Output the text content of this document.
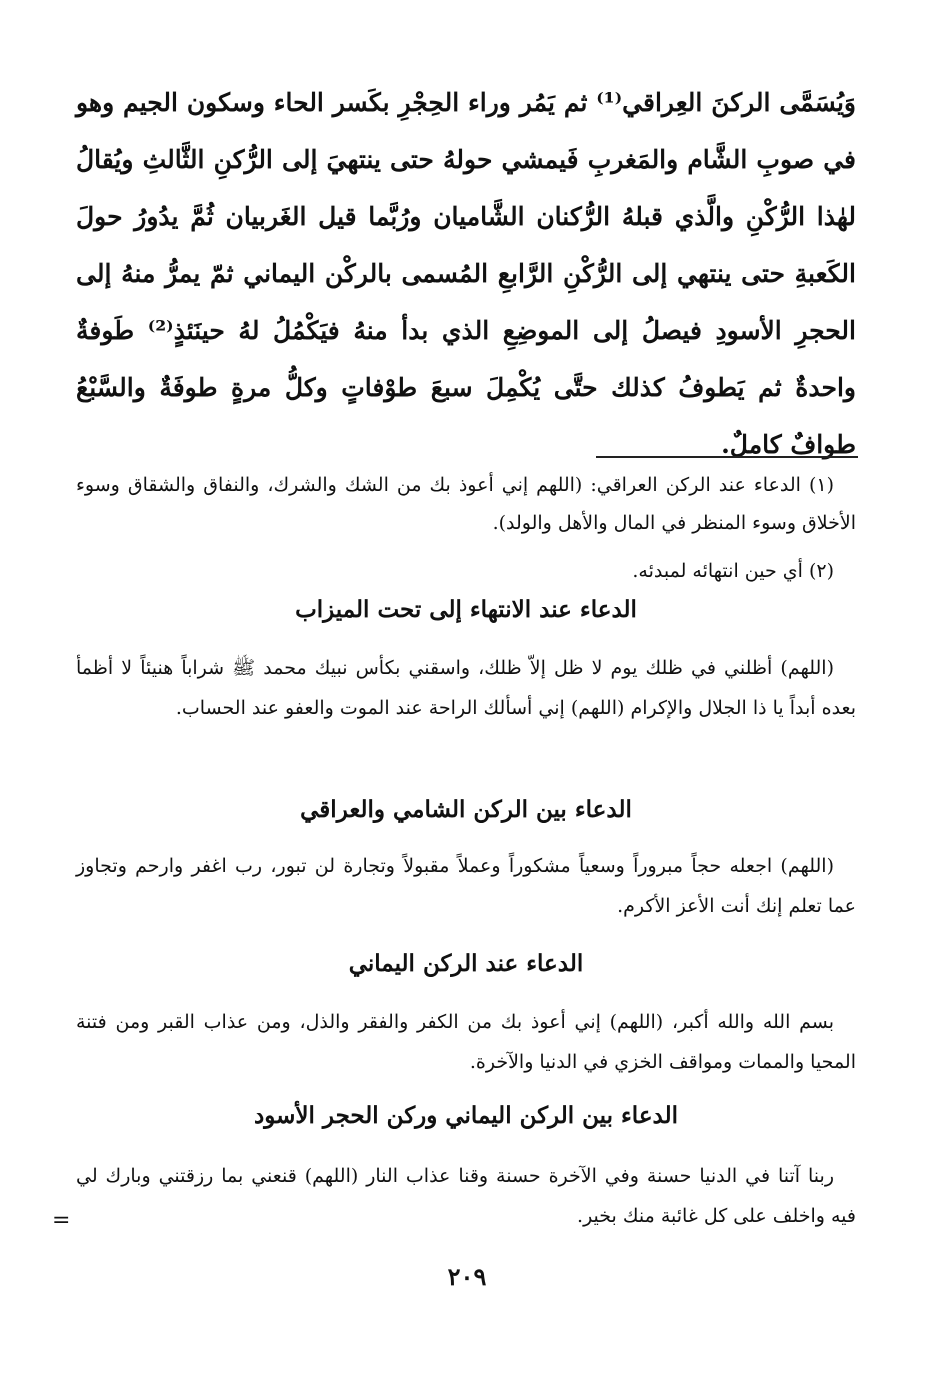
وَيُسَمَّى الركنَ العِراقي⁽¹⁾ ثم يَمُر وراء الحِجْرِ بكَسر الحاء وسكون الجيم وهو في صوبِ الشَّام والمَغربِ فَيمشي حولهُ حتى ينتهيَ إلى الرُّكنِ الثَّالثِ ويُقالُ لهٰذا الرُّكْنِ والَّذي قبلهُ الرُّكنان الشَّاميان ورُبَّما قيل الغَربيان ثُمَّ يدُورُ حولَ الكَعبةِ حتى ينتهي إلى الرُّكْنِ الرَّابعِ المُسمى بالركْن اليماني ثمّ يمرُّ منهُ إلى الحجرِ الأسودِ فيصلُ إلى الموضِعِ الذي بدأ منهُ فيَكْمُلُ لهُ حينَئذٍ⁽²⁾ طَوفةٌ واحدةٌ ثم يَطوفُ كذلك حتَّى يُكْمِلَ سبعَ طوْفاتٍ وكلُّ مرةٍ طوفَةٌ والسَّبْعُ طوافٌ كاملٌ.
(١) الدعاء عند الركن العراقي: (اللهم إني أعوذ بك من الشك والشرك، والنفاق والشقاق وسوء الأخلاق وسوء المنظر في المال والأهل والولد).
(٢) أي حين انتهائه لمبدئه.
الدعاء عند الانتهاء إلى تحت الميزاب
(اللهم) أظلني في ظلك يوم لا ظل إلاّ ظلك، واسقني بكأس نبيك محمد ﷺ شراباً هنيئاً لا أظمأ بعده أبداً يا ذا الجلال والإكرام (اللهم) إني أسألك الراحة عند الموت والعفو عند الحساب.
الدعاء بين الركن الشامي والعراقي
(اللهم) اجعله حجاً مبروراً وسعياً مشكوراً وعملاً مقبولاً وتجارة لن تبور، رب اغفر وارحم وتجاوز عما تعلم إنك أنت الأعز الأكرم.
الدعاء عند الركن اليماني
بسم الله والله أكبر، (اللهم) إني أعوذ بك من الكفر والفقر والذل، ومن عذاب القبر ومن فتنة المحيا والممات ومواقف الخزي في الدنيا والآخرة.
الدعاء بين الركن اليماني وركن الحجر الأسود
ربنا آتنا في الدنيا حسنة وفي الآخرة حسنة وقنا عذاب النار (اللهم) قنعني بما رزقتني وبارك لي فيه واخلف على كل غائبة منك بخير.
=
٢٠٩
